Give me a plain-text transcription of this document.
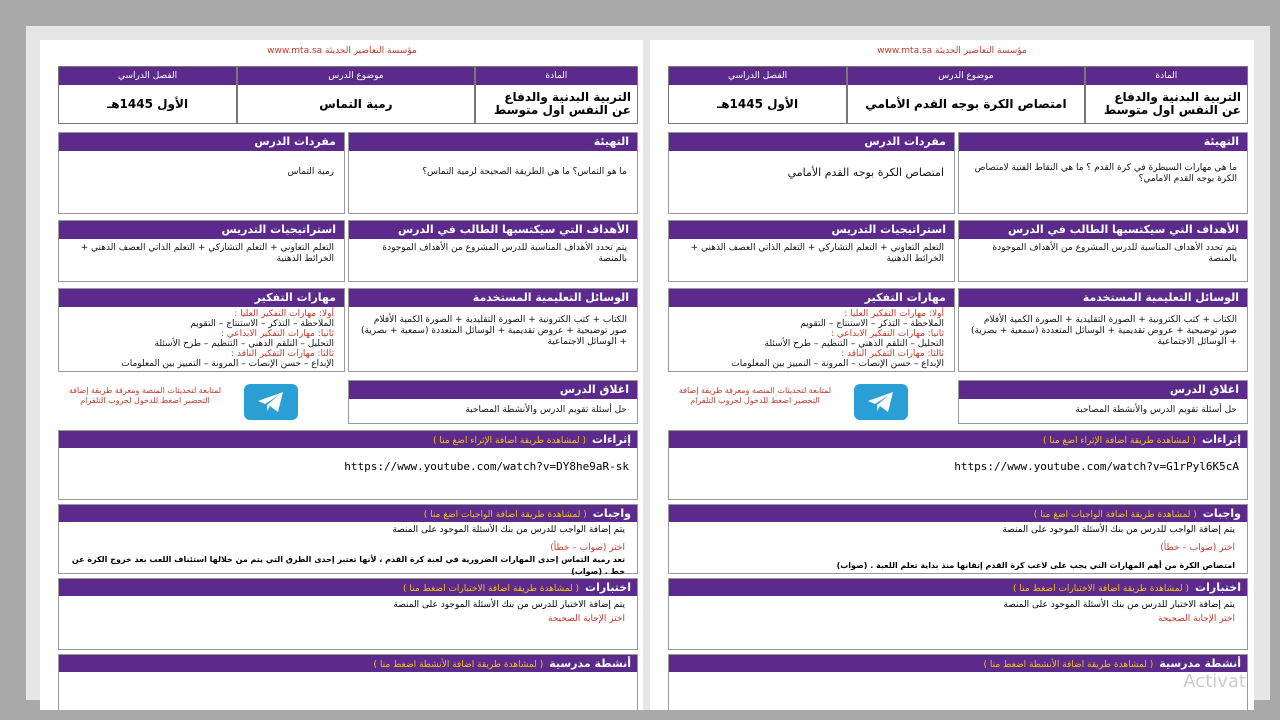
www.mta.sa مؤسسة التعاضير الحديثة
المادة
التربية البدنية والدفاع عن النفس اول متوسط
موضوع الدرس
رمية التماس
الفصل الدراسي
الأول 1445هـ
التهيئة
ما هو التماس؟ ما هي الطريقة الصحيحة لرمية التماس؟
مفردات الدرس
رمية التماس
الأهداف التي سيكتسبها الطالب في الدرس
يتم تحدد الأهداف المناسبة للدرس المشروع من الأهداف الموجودة بالمنصة
استراتيجيات التدريس
التعلم التعاوني + التعلم التشاركي + التعلم الذاتي العصف الذهني + الخرائط الذهنية
الوسائل التعليمية المستخدمة
الكتاب + كتب الكترونية + الصورة التقليدية + الصورة الكمية الأفلام صور توضيحية + عروض تقديمية + الوسائل المتعددة (سمعية + بصرية) + الوسائل الاجتماعية
مهارات التفكير
أولا: مهارات التفكير العليا :
الملاحظة – التذكر – الاستنتاج – التقويم
ثانيا: مهارات التفكير الابداعي :
التحليل – التلقم الذهني – التنظيم – طرح الأسئلة
ثالثا: مهارات التفكير الناقد :
الإبداع – حسن الإنصات – المرونة – التمييز بين المعلومات
اغلاق الدرس
حل أسئلة تقويم الدرس والأنشطة المصاحبة
لمتابعة لتحديثات المنصة ومعرفة طريقة إضافة التحضير اضغط للدخول لجروب التلقرام
إثراءات( لمشاهدة طريقة اضافة الإثراء اضغ منا )
https://www.youtube.com/watch?v=DY8he9aR-sk
واجبات( لمشاهدة طريقة اضافة الواجبات اضغ منا )
يتم إضافة الواجب للدرس من بنك الأسئلة الموجود على المنصة
اختر (صواب – خطأ)
تعد رمية التماس إحدى المهارات الضرورية في لعبة كرة القدم ، لأنها تعتبر إحدى الطرق التي يتم من خلالها استئناف اللعب بعد خروج الكرة عن خط . (صواب)
اختبارات( لمشاهدة طريقة اضافة الاختبارات اضغط منا )
يتم إضافة الاختبار للدرس من بنك الأسئلة الموجود على المنصة
اختر الإجابة الصحيحة
أنشطة مدرسية( لمشاهدة طريقة اضافة الأنشطة اضغط منا )
www.mta.sa مؤسسة التعاضير الحديثة
المادة
التربية البدنية والدفاع عن النفس اول متوسط
موضوع الدرس
امتصاص الكرة بوجه القدم الأمامي
الفصل الدراسي
الأول 1445هـ
التهيئة
ما هي مهارات السيطرة في كرة القدم ؟ ما هي النقاط الفنية لامتصاص الكرة بوجه القدم الامامي؟
مفردات الدرس
امتصاص الكرة بوجه القدم الأمامي
الأهداف التي سيكتسبها الطالب في الدرس
يتم تحدد الأهداف المناسبة للدرس المشروع من الأهداف الموجودة بالمنصة
استراتيجيات التدريس
التعلم التعاوني + التعلم التشاركي + التعلم الذاتي العصف الذهني + الخرائط الذهنية
الوسائل التعليمية المستخدمة
الكتاب + كتب الكترونية + الصورة التقليدية + الصورة الكمية الأفلام صور توضيحية + عروض تقديمية + الوسائل المتعددة (سمعية + بصرية) + الوسائل الاجتماعية
مهارات التفكير
أولا: مهارات التفكير العليا :
الملاحظة – التذكر – الاستنتاج – التقويم
ثانيا: مهارات التفكير الابداعي :
التحليل – التلقم الذهني – التنظيم – طرح الأسئلة
ثالثا: مهارات التفكير الناقد :
الإبداع – حسن الإنصات – المرونة – التمييز بين المعلومات
اغلاق الدرس
حل أسئلة تقويم الدرس والأنشطة المصاحبة
لمتابعة لتحديثات المنصة ومعرفة طريقة إضافة التحضير اضغط للدخول لجروب التلقرام
إثراءات( لمشاهدة طريقة اضافة الإثراء اضغ منا )
https://www.youtube.com/watch?v=G1rPyl6K5cA
واجبات( لمشاهدة طريقة اضافة الواجبات اضغ منا )
يتم إضافة الواجب للدرس من بنك الأسئلة الموجود على المنصة
اختر (صواب – خطأ)
امتصاص الكرة من أهم المهارات التي يجب على لاعب كرة القدم إتقانها منذ بداية تعلم اللعبة . (صواب)
اختبارات( لمشاهدة طريقة اضافة الاختبارات اضغط منا )
يتم إضافة الاختبار للدرس من بنك الأسئلة الموجود على المنصة
اختر الإجابة الصحيحة
أنشطة مدرسية( لمشاهدة طريقة اضافة الأنشطة اضغط منا )
Activat
